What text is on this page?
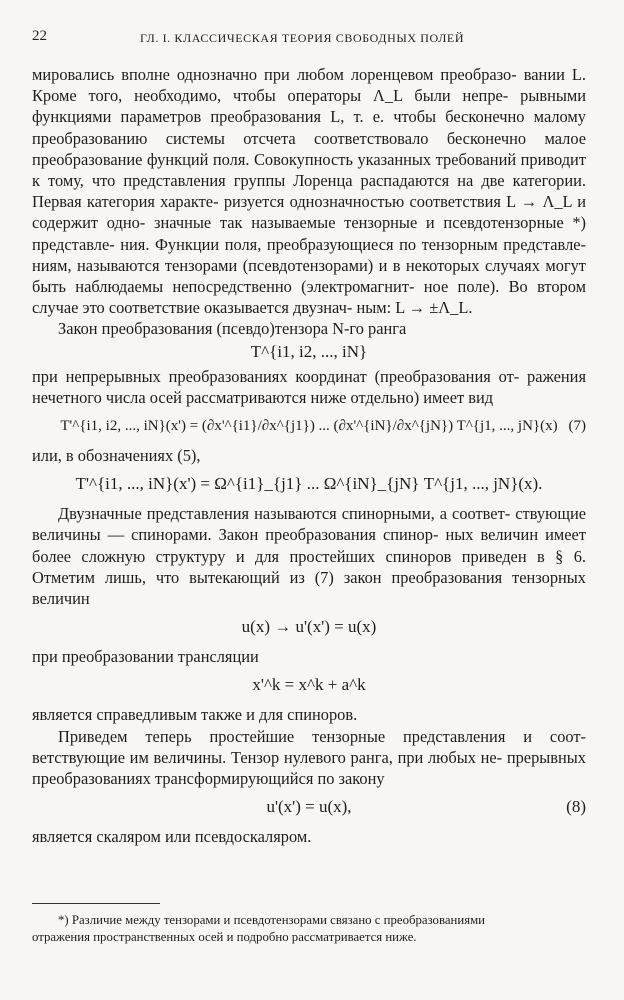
22	ГЛ. I. КЛАССИЧЕСКАЯ ТЕОРИЯ СВОБОДНЫХ ПОЛЕЙ

мировались вполне однозначно при любом лоренцевом преобразо- вании L. Кроме того, необходимо, чтобы операторы Λ_L были непре- рывными функциями параметров преобразования L, т. е. чтобы бесконечно малому преобразованию системы отсчета соответствовало бесконечно малое преобразование функций поля. Совокупность указанных требований приводит к тому, что представления группы Лоренца распадаются на две категории. Первая категория характе- ризуется однозначностью соответствия L → Λ_L и содержит одно- значные так называемые тензорные и псевдотензорные *) представле- ния. Функции поля, преобразующиеся по тензорным представле- ниям, называются тензорами (псевдотензорами) и в некоторых случаях могут быть наблюдаемы непосредственно (электромагнит- ное поле). Во втором случае это соответствие оказывается двузнач- ным: L → ±Λ_L.

Закон преобразования (псевдо)тензора N-го ранга

T^{i1, i2, ..., iN}

при непрерывных преобразованиях координат (преобразования от- ражения нечетного числа осей рассматриваются ниже отдельно) имеет вид

T'^{i1, i2, ..., iN}(x') = (∂x'^{i1}/∂x^{j1}) ... (∂x'^{iN}/∂x^{jN}) T^{j1, ..., jN}(x) (7)

или, в обозначениях (5),

T'^{i1, ..., iN}(x') = Ω^{i1}_{j1} ... Ω^{iN}_{jN} T^{j1, ..., jN}(x).

Двузначные представления называются спинорными, а соответ- ствующие величины — спинорами. Закон преобразования спинор- ных величин имеет более сложную структуру и для простейших спиноров приведен в § 6. Отметим лишь, что вытекающий из (7) закон преобразования тензорных величин

u(x) → u'(x') = u(x)

при преобразовании трансляции

x'^k = x^k + a^k

является справедливым также и для спиноров.

Приведем теперь простейшие тензорные представления и соот- ветствующие им величины. Тензор нулевого ранга, при любых не- прерывных преобразованиях трансформирующийся по закону

u'(x') = u(x),	(8)

является скаляром или псевдоскаляром.

*) Различие между тензорами и псевдотензорами связано с преобразованиями
отражения пространственных осей и подробно рассматривается ниже.
